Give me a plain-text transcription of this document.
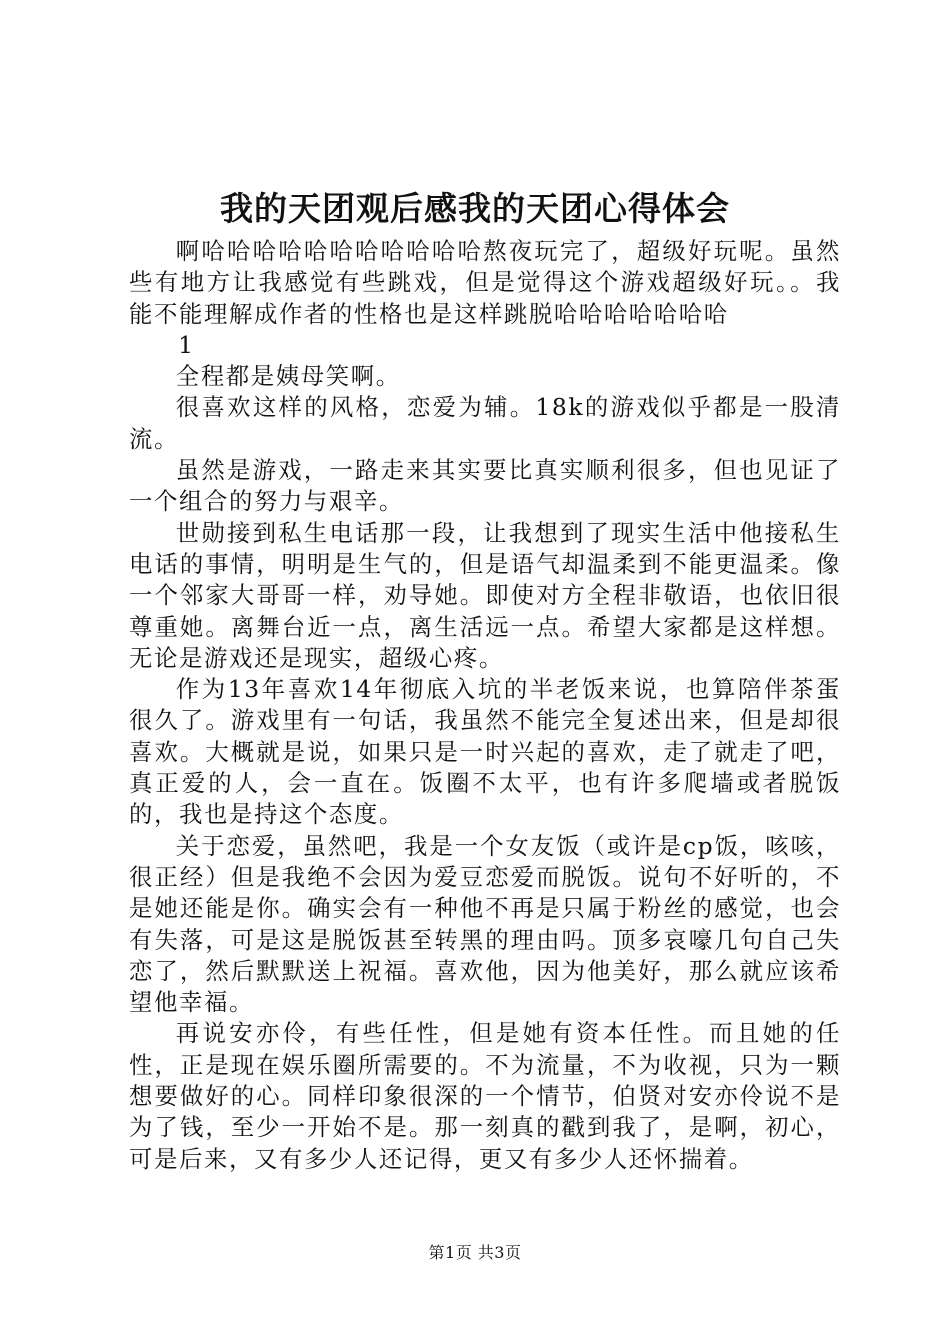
我的天团观后感我的天团心得体会

啊哈哈哈哈哈哈哈哈哈哈哈熬夜玩完了，超级好玩呢。虽然些有地方让我感觉有些跳戏，但是觉得这个游戏超级好玩。。我能不能理解成作者的性格也是这样跳脱哈哈哈哈哈哈哈

1

全程都是姨母笑啊。

很喜欢这样的风格，恋爱为辅。18k的游戏似乎都是一股清流。

虽然是游戏，一路走来其实要比真实顺利很多，但也见证了一个组合的努力与艰辛。

世勋接到私生电话那一段，让我想到了现实生活中他接私生电话的事情，明明是生气的，但是语气却温柔到不能更温柔。像一个邻家大哥哥一样，劝导她。即使对方全程非敬语，也依旧很尊重她。离舞台近一点，离生活远一点。希望大家都是这样想。无论是游戏还是现实，超级心疼。

作为13年喜欢14年彻底入坑的半老饭来说，也算陪伴茶蛋很久了。游戏里有一句话，我虽然不能完全复述出来，但是却很喜欢。大概就是说，如果只是一时兴起的喜欢，走了就走了吧，真正爱的人，会一直在。饭圈不太平，也有许多爬墙或者脱饭的，我也是持这个态度。

关于恋爱，虽然吧，我是一个女友饭（或许是cp饭，咳咳，很正经）但是我绝不会因为爱豆恋爱而脱饭。说句不好听的，不是她还能是你。确实会有一种他不再是只属于粉丝的感觉，也会有失落，可是这是脱饭甚至转黑的理由吗。顶多哀嚎几句自己失恋了，然后默默送上祝福。喜欢他，因为他美好，那么就应该希望他幸福。

再说安亦伶，有些任性，但是她有资本任性。而且她的任性，正是现在娱乐圈所需要的。不为流量，不为收视，只为一颗想要做好的心。同样印象很深的一个情节，伯贤对安亦伶说不是为了钱，至少一开始不是。那一刻真的戳到我了，是啊，初心，可是后来，又有多少人还记得，更又有多少人还怀揣着。

第1页 共3页
